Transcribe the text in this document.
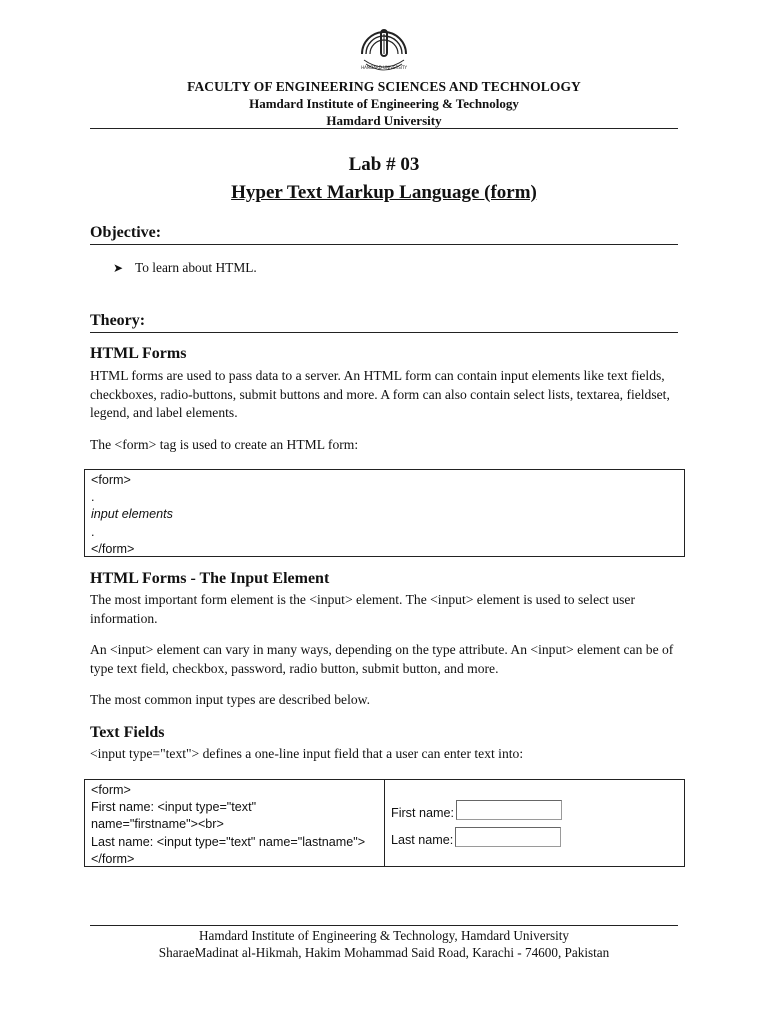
HAMDARD UNIVERSITY
FACULTY OF ENGINEERING SCIENCES AND TECHNOLOGY
Hamdard Institute of Engineering & Technology
Hamdard University
Lab # 03
Hyper Text Markup Language (form)
Objective:
➤ To learn about HTML.
Theory:
HTML Forms
HTML forms are used to pass data to a server. An HTML form can contain input elements like text fields, checkboxes, radio-buttons, submit buttons and more. A form can also contain select lists, textarea, fieldset, legend, and label elements.
The <form> tag is used to create an HTML form:
<form>
.
input elements
.
</form>
HTML Forms - The Input Element
The most important form element is the <input> element. The <input> element is used to select user information.
An <input> element can vary in many ways, depending on the type attribute. An <input> element can be of type text field, checkbox, password, radio button, submit button, and more.
The most common input types are described below.
Text Fields
<input type="text"> defines a one-line input field that a user can enter text into:
<form>
First name: <input type="text"
name="firstname"><br>
Last name: <input type="text" name="lastname">
</form>
First name:
Last name:
Hamdard Institute of Engineering & Technology, Hamdard University
SharaeMadinat al-Hikmah, Hakim Mohammad Said Road, Karachi - 74600, Pakistan
